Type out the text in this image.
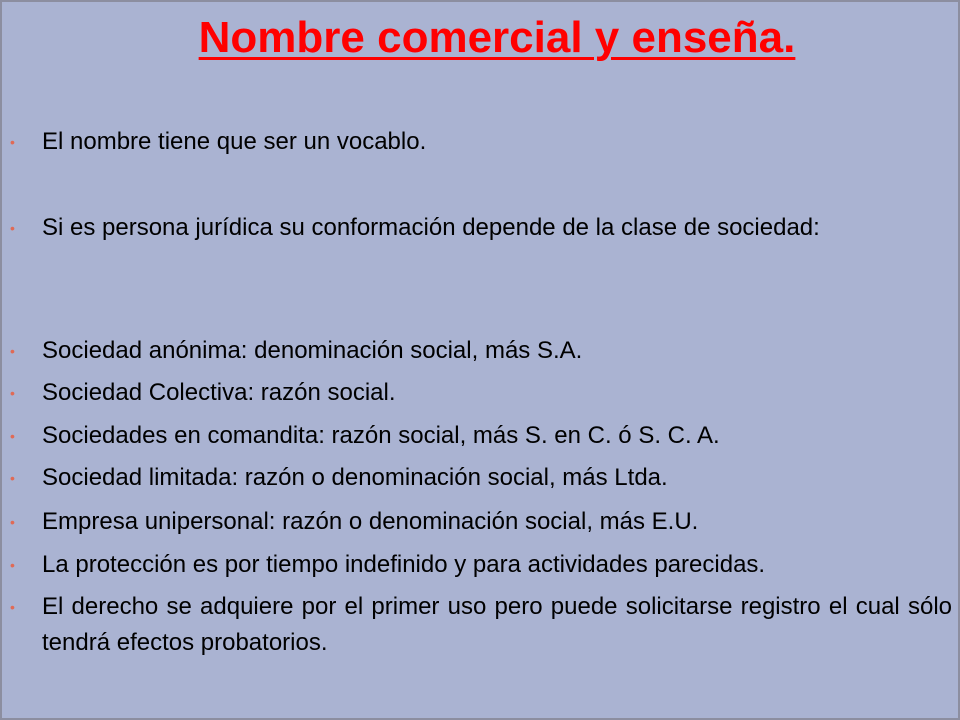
Nombre comercial y enseña.
• El nombre tiene que ser un vocablo.

• Si es persona jurídica su conformación depende de la clase de sociedad:

• Sociedad anónima: denominación social, más S.A.

• Sociedad Colectiva: razón social.

• Sociedades en comandita: razón social, más S. en C. ó S. C. A.

• Sociedad limitada: razón o denominación social, más Ltda.

• Empresa unipersonal: razón o denominación social, más E.U.

• La protección es por tiempo indefinido y para actividades parecidas.

• El derecho se adquiere por el primer uso pero puede solicitarse registro el cual sólo tendrá efectos probatorios.
